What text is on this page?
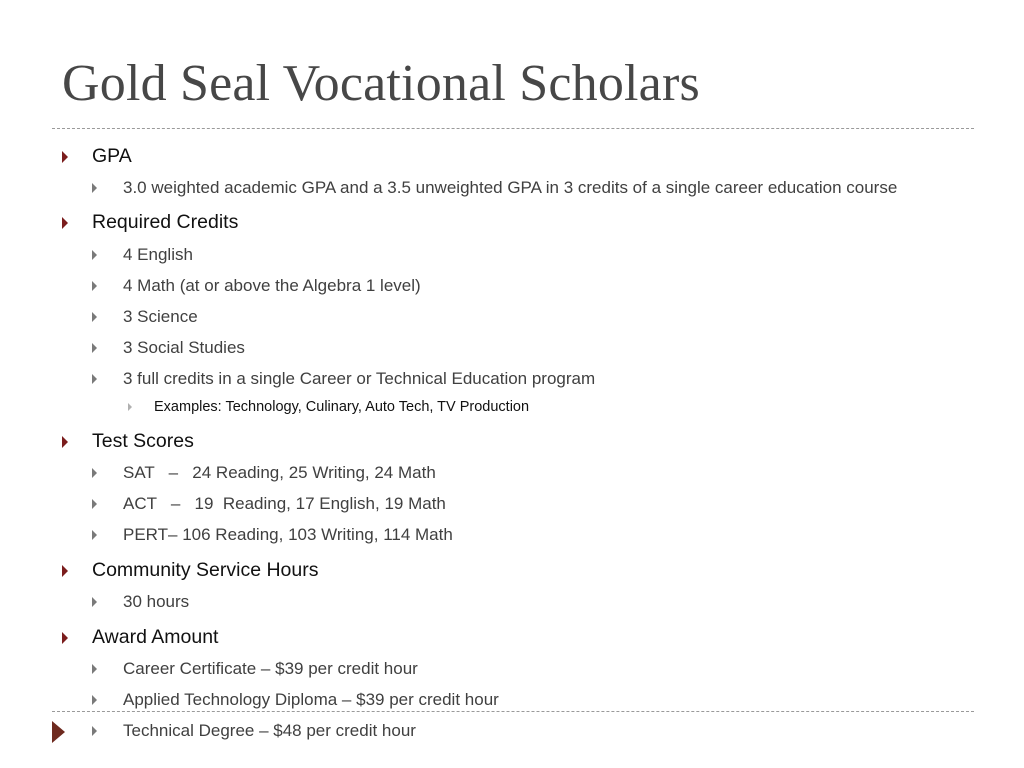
Gold Seal Vocational Scholars
GPA
3.0 weighted academic GPA and a 3.5 unweighted GPA in 3 credits of a single career education course
Required Credits
4 English
4 Math (at or above the Algebra 1 level)
3 Science
3 Social Studies
3 full credits in a single Career or Technical Education program
Examples: Technology, Culinary, Auto Tech, TV Production
Test Scores
SAT   –   24 Reading, 25 Writing, 24 Math
ACT   –   19  Reading, 17 English, 19 Math
PERT– 106 Reading, 103 Writing, 114 Math
Community Service Hours
30 hours
Award Amount
Career Certificate – $39 per credit hour
Applied Technology Diploma – $39 per credit hour
Technical Degree – $48 per credit hour
